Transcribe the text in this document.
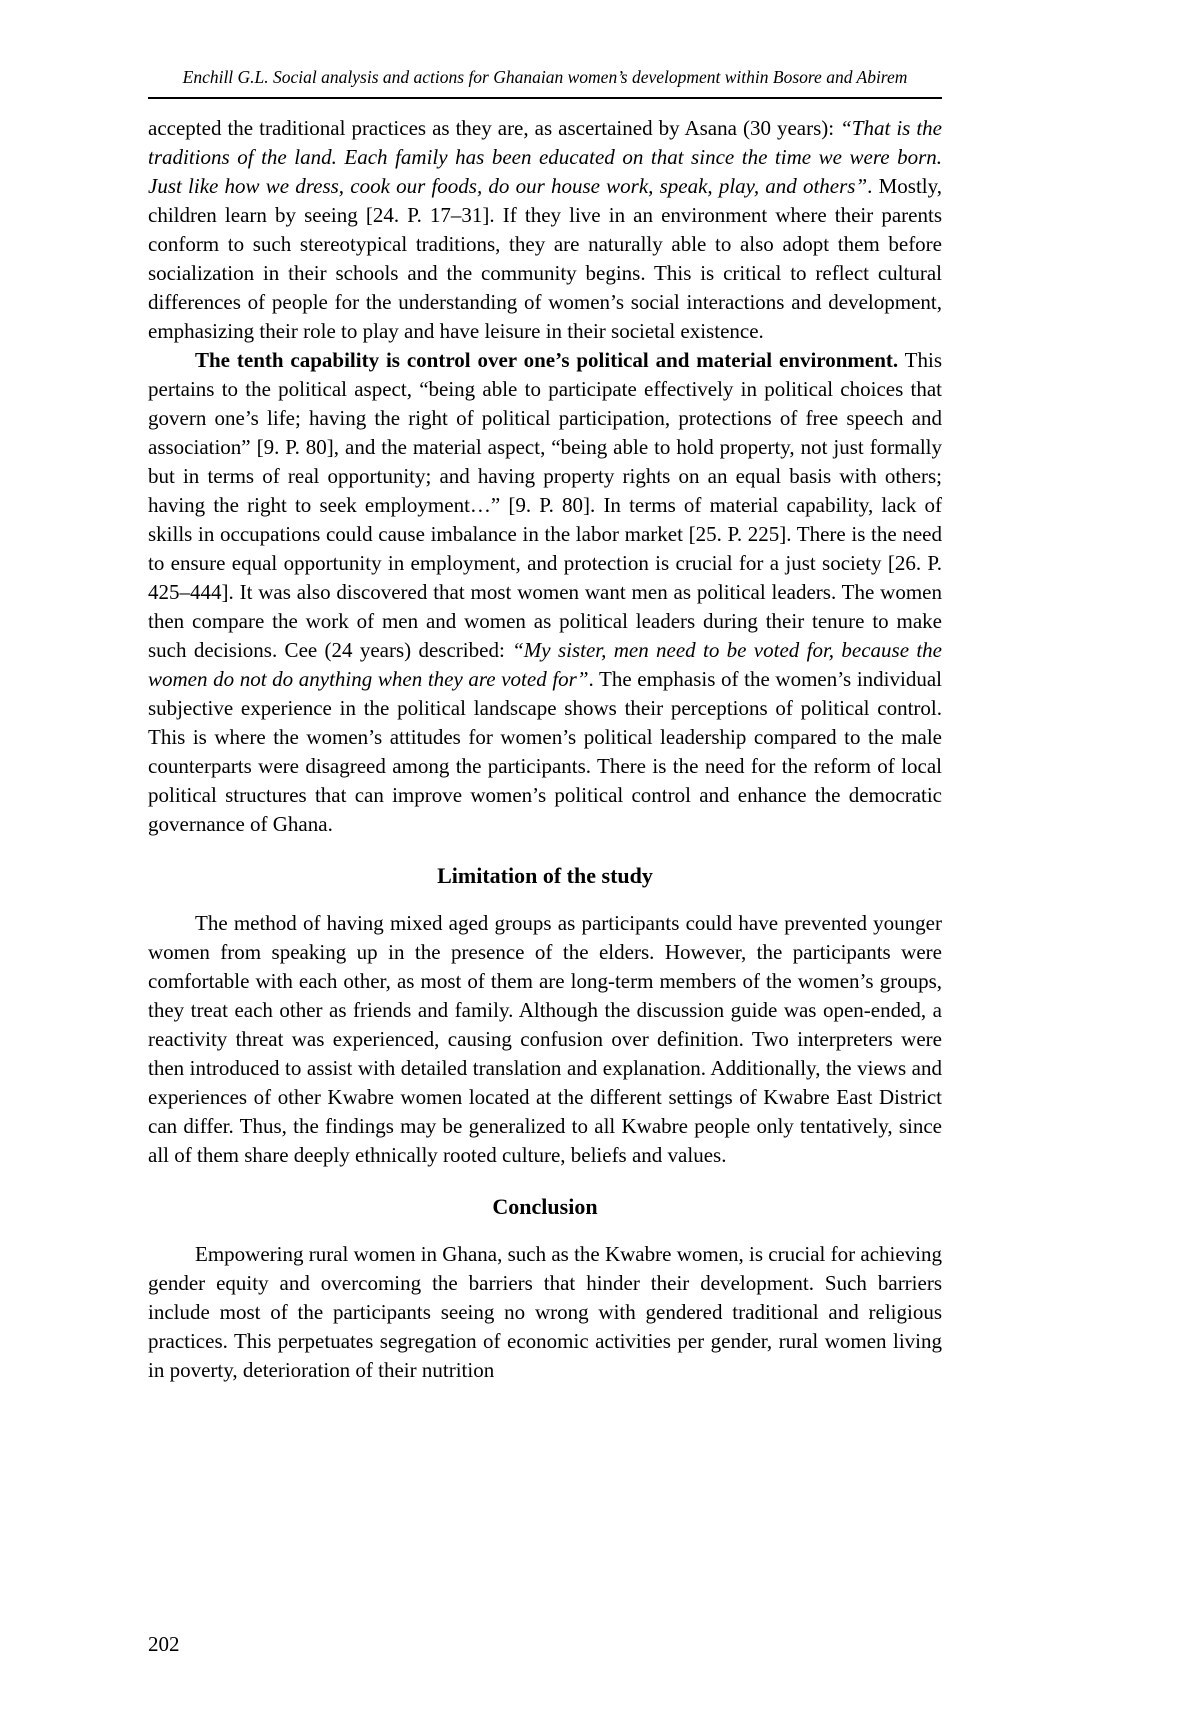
Enchill G.L. Social analysis and actions for Ghanaian women’s development within Bosore and Abirem

accepted the traditional practices as they are, as ascertained by Asana (30 years): “That is the traditions of the land. Each family has been educated on that since the time we were born. Just like how we dress, cook our foods, do our house work, speak, play, and others”. Mostly, children learn by seeing [24. P. 17–31]. If they live in an environment where their parents conform to such stereotypical traditions, they are naturally able to also adopt them before socialization in their schools and the community begins. This is critical to reflect cultural differences of people for the understanding of women’s social interactions and development, emphasizing their role to play and have leisure in their societal existence.

The tenth capability is control over one’s political and material environment. This pertains to the political aspect, “being able to participate effectively in political choices that govern one’s life; having the right of political participation, protections of free speech and association” [9. P. 80], and the material aspect, “being able to hold property, not just formally but in terms of real opportunity; and having property rights on an equal basis with others; having the right to seek employment…” [9. P. 80]. In terms of material capability, lack of skills in occupations could cause imbalance in the labor market [25. P. 225]. There is the need to ensure equal opportunity in employment, and protection is crucial for a just society [26. P. 425–444]. It was also discovered that most women want men as political leaders. The women then compare the work of men and women as political leaders during their tenure to make such decisions. Cee (24 years) described: “My sister, men need to be voted for, because the women do not do anything when they are voted for”. The emphasis of the women’s individual subjective experience in the political landscape shows their perceptions of political control. This is where the women’s attitudes for women’s political leadership compared to the male counterparts were disagreed among the participants. There is the need for the reform of local political structures that can improve women’s political control and enhance the democratic governance of Ghana.

Limitation of the study

The method of having mixed aged groups as participants could have prevented younger women from speaking up in the presence of the elders. However, the participants were comfortable with each other, as most of them are long-term members of the women’s groups, they treat each other as friends and family. Although the discussion guide was open-ended, a reactivity threat was experienced, causing confusion over definition. Two interpreters were then introduced to assist with detailed translation and explanation. Additionally, the views and experiences of other Kwabre women located at the different settings of Kwabre East District can differ. Thus, the findings may be generalized to all Kwabre people only tentatively, since all of them share deeply ethnically rooted culture, beliefs and values.

Conclusion

Empowering rural women in Ghana, such as the Kwabre women, is crucial for achieving gender equity and overcoming the barriers that hinder their development. Such barriers include most of the participants seeing no wrong with gendered traditional and religious practices. This perpetuates segregation of economic activities per gender, rural women living in poverty, deterioration of their nutrition

202
